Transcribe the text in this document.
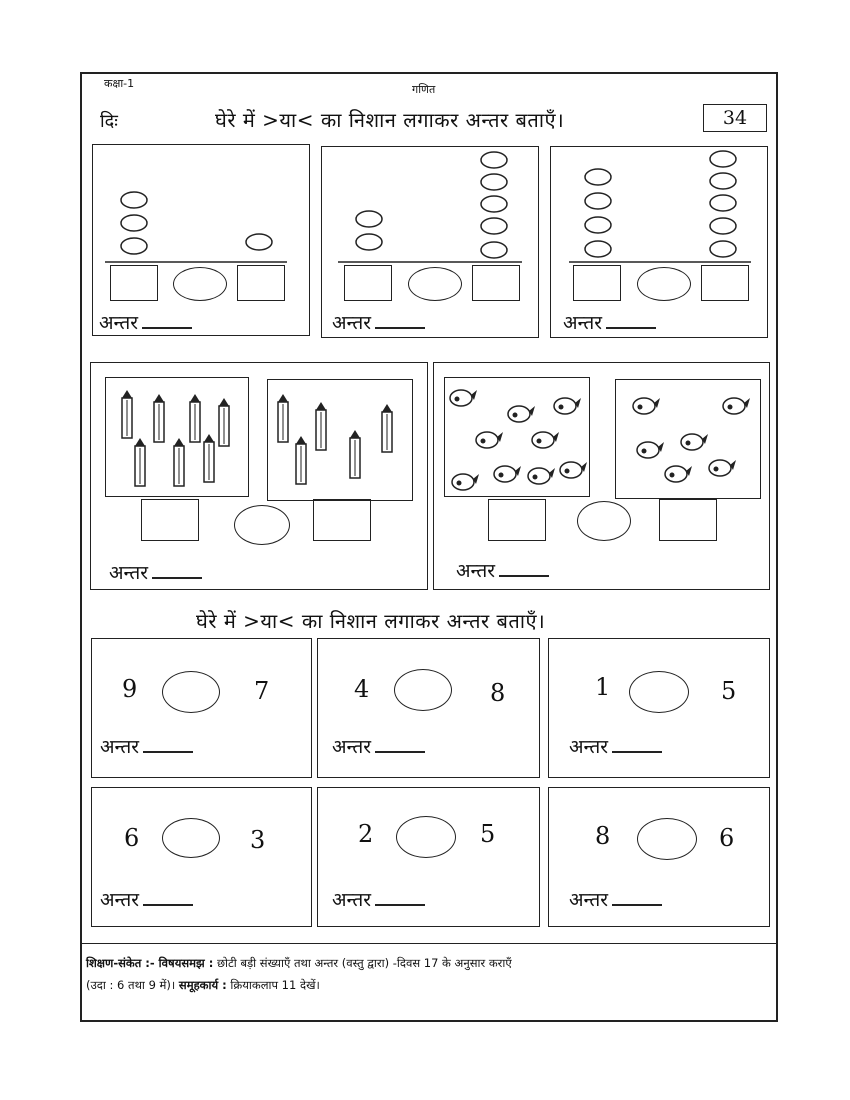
कक्षा-1	गणित
दिः	घेरे में >या< का निशान लगाकर अन्तर बताएँ।	34
अन्तर	अन्तर	अन्तर
अन्तर	अन्तर
घेरे में >या< का निशान लगाकर अन्तर बताएँ।
9	7
अन्तर
4	8
अन्तर
1	5
अन्तर
6	3
अन्तर
2	5
अन्तर
8	6
अन्तर
शिक्षण-संकेत :- विषयसमझ : छोटी बड़ी संख्याएँ तथा अन्तर (वस्तु द्वारा) -दिवस 17 के अनुसार कराएँ
(उदा : 6 तथा 9 में)। समूहकार्य : क्रियाकलाप 11 देखें।
